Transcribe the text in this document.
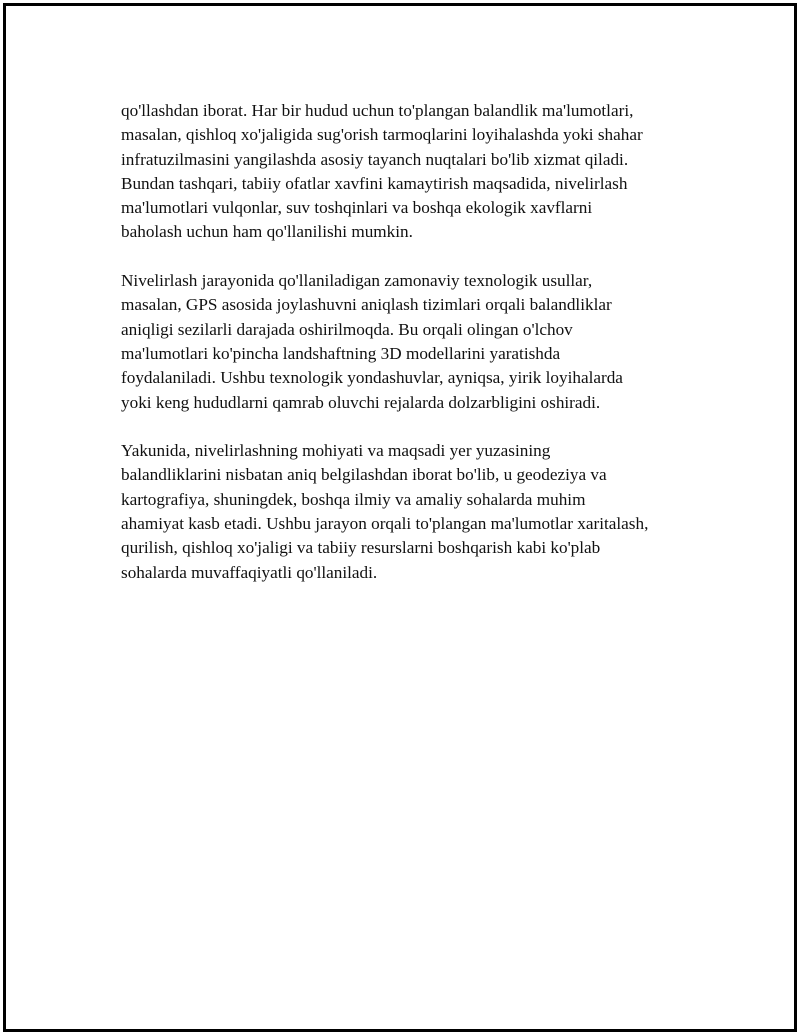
qo'llashdan iborat. Har bir hudud uchun to'plangan balandlik ma'lumotlari,
masalan, qishloq xo'jaligida sug'orish tarmoqlarini loyihalashda yoki shahar
infratuzilmasini yangilashda asosiy tayanch nuqtalari bo'lib xizmat qiladi.
Bundan tashqari, tabiiy ofatlar xavfini kamaytirish maqsadida, nivelirlash
ma'lumotlari vulqonlar, suv toshqinlari va boshqa ekologik xavflarni
baholash uchun ham qo'llanilishi mumkin.

Nivelirlash jarayonida qo'llaniladigan zamonaviy texnologik usullar,
masalan, GPS asosida joylashuvni aniqlash tizimlari orqali balandliklar
aniqligi sezilarli darajada oshirilmoqda. Bu orqali olingan o'lchov
ma'lumotlari ko'pincha landshaftning 3D modellarini yaratishda
foydalaniladi. Ushbu texnologik yondashuvlar, ayniqsa, yirik loyihalarda
yoki keng hududlarni qamrab oluvchi rejalarda dolzarbligini oshiradi.

Yakunida, nivelirlashning mohiyati va maqsadi yer yuzasining
balandliklarini nisbatan aniq belgilashdan iborat bo'lib, u geodeziya va
kartografiya, shuningdek, boshqa ilmiy va amaliy sohalarda muhim
ahamiyat kasb etadi. Ushbu jarayon orqali to'plangan ma'lumotlar xaritalash,
qurilish, qishloq xo'jaligi va tabiiy resurslarni boshqarish kabi ko'plab
sohalarda muvaffaqiyatli qo'llaniladi.
